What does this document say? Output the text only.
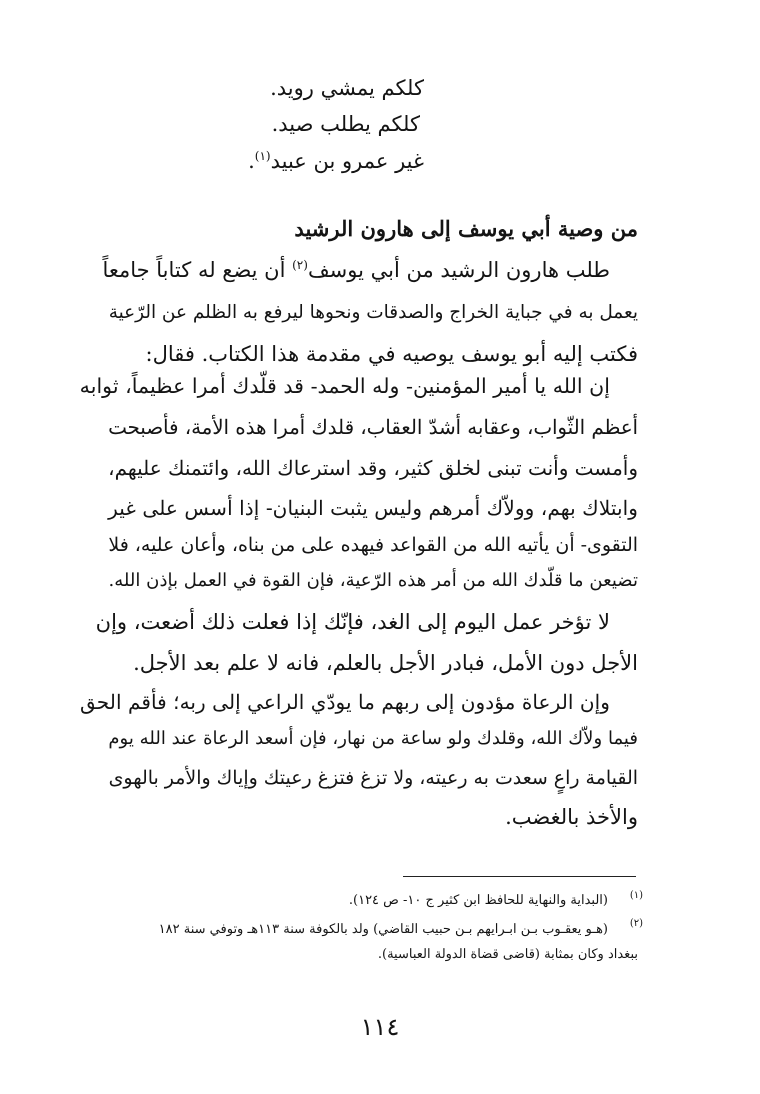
كلكم يمشي رويد.
كلكم يطلب صيد.
غير عمرو بن عبيد$^{(١)}$.
من وصية أبي يوسف إلى هارون الرشيد
طلب هارون الرشيد من أبي يوسف$^{(٢)}$ أن يضع له كتاباً جامعاً
يعمل به في جباية الخراج والصدقات ونحوها ليرفع به الظلم عن الرّعية
فكتب إليه أبو يوسف يوصيه في مقدمة هذا الكتاب. فقال:
إن الله يا أمير المؤمنين- وله الحمد- قد قلّدك أمرا عظيماً، ثوابه
أعظم الثّواب، وعقابه أشدّ العقاب، قلدك أمرا هذه الأمة، فأصبحت
وأمست وأنت تبنى لخلق كثير، وقد استرعاك الله، وائتمنك عليهم،
وابتلاك بهم، وولاّك أمرهم وليس يثبت البنيان- إذا أسس على غير
التقوى- أن يأتيه الله من القواعد فيهده على من بناه، وأعان عليه، فلا
تضيعن ما قلّدك الله من أمر هذه الرّعية، فإن القوة في العمل بإذن الله.
لا تؤخر عمل اليوم إلى الغد، فإنّك إذا فعلت ذلك أضعت، وإن
الأجل دون الأمل، فبادر الأجل بالعلم، فانه لا علم بعد الأجل.
وإن الرعاة مؤدون إلى ربهم ما يودّي الراعي إلى ربه؛ فأقم الحق
فيما ولاّك الله، وقلدك ولو ساعة من نهار، فإن أسعد الرعاة عند الله يوم
القيامة راعٍ سعدت به رعيته، ولا تزغ فتزغ رعيتك وإياك والأمر بالهوى
والأخذ بالغضب.
(١)
(البداية والنهاية للحافظ ابن كثير ج ١٠- ص ١٢٤).
(٢)
(هـو يعقـوب بـن ابـرايهم بـن حبيب القاضي) ولد بالكوفة سنة ١١٣هـ وتوفي سنة ١٨٢
ببغداد وكان بمثابة (قاضى قضاة الدولة العباسية).
١١٤
